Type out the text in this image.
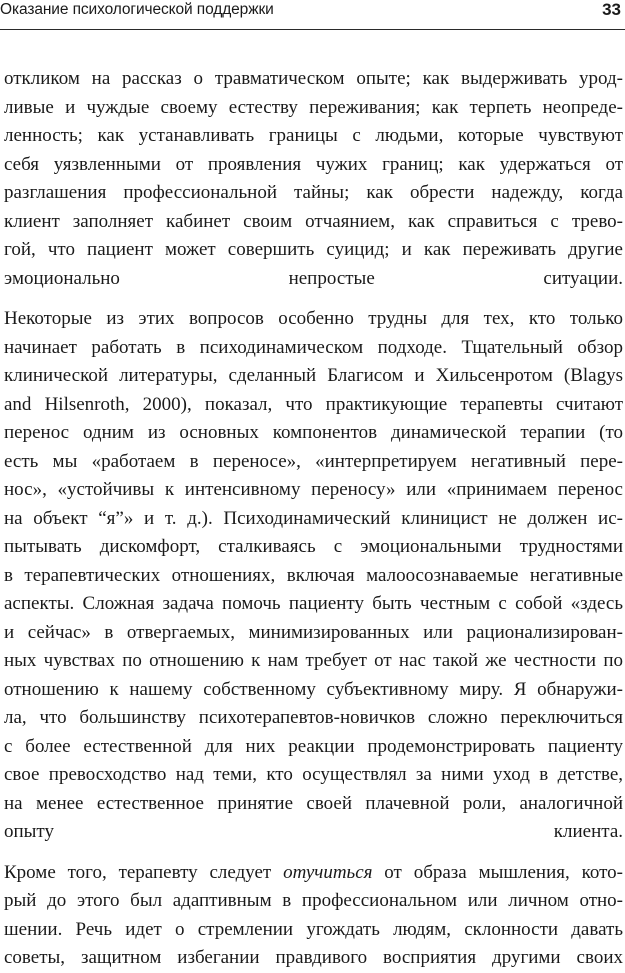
Оказание психологической поддержки	33
откликом на рассказ о травматическом опыте; как выдерживать урод-
ливые и чуждые своему естеству переживания; как терпеть неопреде-
ленность; как устанавливать границы с людьми, которые чувствуют
себя уязвленными от проявления чужих границ; как удержаться от
разглашения профессиональной тайны; как обрести надежду, когда
клиент заполняет кабинет своим отчаянием, как справиться с трево-
гой, что пациент может совершить суицид; и как переживать другие
эмоционально непростые ситуации.
Некоторые из этих вопросов особенно трудны для тех, кто только
начинает работать в психодинамическом подходе. Тщательный обзор
клинической литературы, сделанный Благисом и Хильсенротом (Blagys
and Hilsenroth, 2000), показал, что практикующие терапевты считают
перенос одним из основных компонентов динамической терапии (то
есть мы «работаем в переносе», «интерпретируем негативный пере-
нос», «устойчивы к интенсивному переносу» или «принимаем перенос
на объект “я”» и т. д.). Психодинамический клиницист не должен ис-
пытывать дискомфорт, сталкиваясь с эмоциональными трудностями
в терапевтических отношениях, включая малоосознаваемые негативные
аспекты. Сложная задача помочь пациенту быть честным с собой «здесь
и сейчас» в отвергаемых, минимизированных или рационализирован-
ных чувствах по отношению к нам требует от нас такой же честности по
отношению к нашему собственному субъективному миру. Я обнаружи-
ла, что большинству психотерапевтов-новичков сложно переключиться
с более естественной для них реакции продемонстрировать пациенту
свое превосходство над теми, кто осуществлял за ними уход в детстве,
на менее естественное принятие своей плачевной роли, аналогичной
опыту клиента.
Кроме того, терапевту следует отучиться от образа мышления, кото-
рый до этого был адаптивным в профессиональном или личном отно-
шении. Речь идет о стремлении угождать людям, склонности давать
советы, защитном избегании правдивого восприятия другими своих
